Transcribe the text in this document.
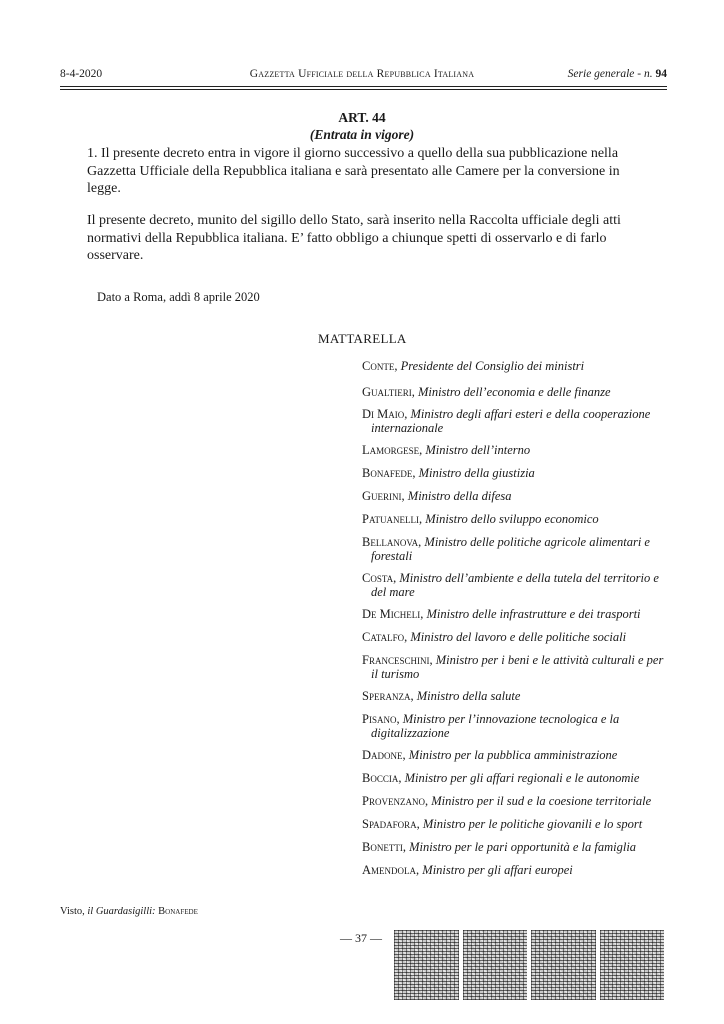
8-4-2020	Gazzetta Ufficiale della Repubblica Italiana	Serie generale - n. 94
ART. 44
(Entrata in vigore)
1. Il presente decreto entra in vigore il giorno successivo a quello della sua pubblicazione nella Gazzetta Ufficiale della Repubblica italiana e sarà presentato alle Camere per la conversione in legge.
Il presente decreto, munito del sigillo dello Stato, sarà inserito nella Raccolta ufficiale degli atti normativi della Repubblica italiana. E’ fatto obbligo a chiunque spetti di osservarlo e di farlo osservare.
Dato a Roma, addì 8 aprile 2020
MATTARELLA
Conte, Presidente del Consiglio dei ministri
Gualtieri, Ministro dell’economia e delle finanze
Di Maio, Ministro degli affari esteri e della cooperazione internazionale
Lamorgese, Ministro dell’interno
Bonafede, Ministro della giustizia
Guerini, Ministro della difesa
Patuanelli, Ministro dello sviluppo economico
Bellanova, Ministro delle politiche agricole alimentari e forestali
Costa, Ministro dell’ambiente e della tutela del territorio e del mare
De Micheli, Ministro delle infrastrutture e dei trasporti
Catalfo, Ministro del lavoro e delle politiche sociali
Franceschini, Ministro per i beni e le attività culturali e per il turismo
Speranza, Ministro della salute
Pisano, Ministro per l’innovazione tecnologica e la digitalizzazione
Dadone, Ministro per la pubblica amministrazione
Boccia, Ministro per gli affari regionali e le autonomie
Provenzano, Ministro per il sud e la coesione territoriale
Spadafora, Ministro per le politiche giovanili e lo sport
Bonetti, Ministro per le pari opportunità e la famiglia
Amendola, Ministro per gli affari europei
Visto, il Guardasigilli: Bonafede
— 37 —
